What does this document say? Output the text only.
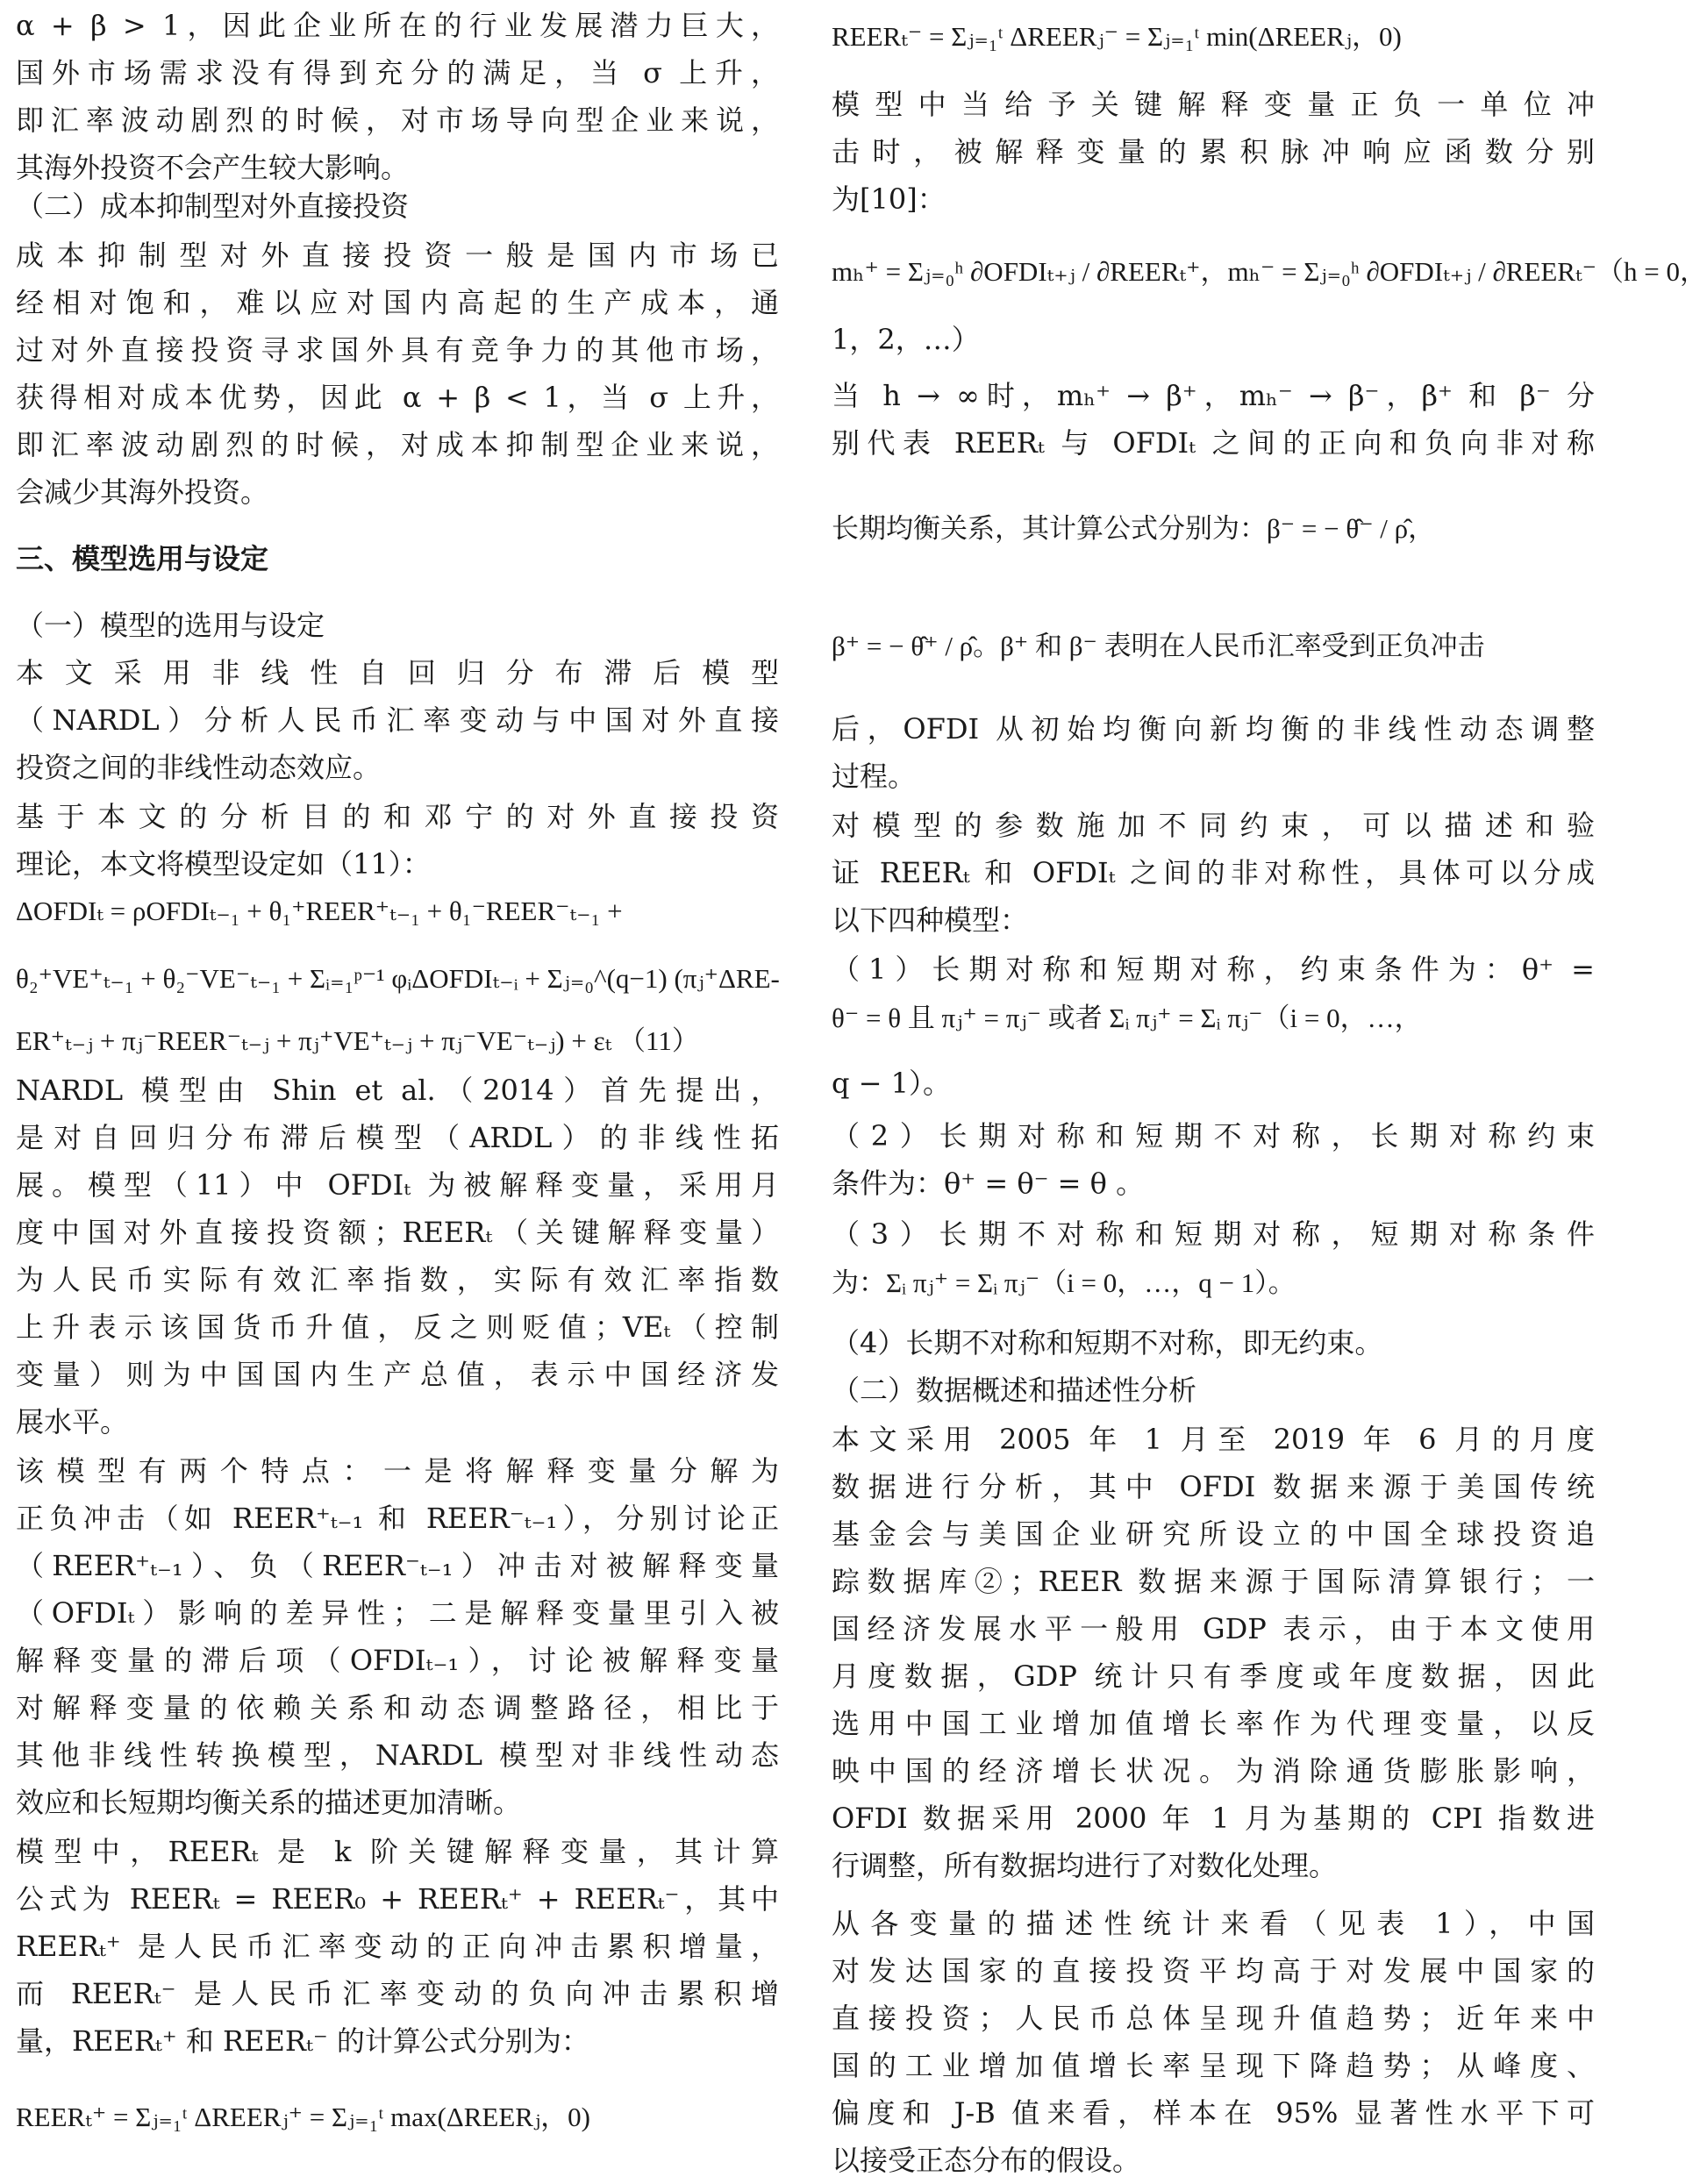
α + β > 1，因此企业所在的行业发展潜力巨大，
国外市场需求没有得到充分的满足，当 σ 上升，
即汇率波动剧烈的时候，对市场导向型企业来说，
其海外投资不会产生较大影响。
（二）成本抑制型对外直接投资
成本抑制型对外直接投资一般是国内市场已
经相对饱和，难以应对国内高起的生产成本，通
过对外直接投资寻求国外具有竞争力的其他市场，
获得相对成本优势，因此 α + β < 1，当 σ 上升，
即汇率波动剧烈的时候，对成本抑制型企业来说，
会减少其海外投资。
三、模型选用与设定
（一）模型的选用与设定
本文采用非线性自回归分布滞后模型
（NARDL）分析人民币汇率变动与中国对外直接
投资之间的非线性动态效应。
基于本文的分析目的和邓宁的对外直接投资
理论，本文将模型设定如（11）：
ΔOFDIₜ = ρOFDIₜ₋₁ + θ₁⁺REER⁺ₜ₋₁ + θ₁⁻REER⁻ₜ₋₁ +
θ₂⁺VE⁺ₜ₋₁ + θ₂⁻VE⁻ₜ₋₁ + Σᵢ₌₁ᵖ⁻¹ φᵢΔOFDIₜ₋ᵢ + Σⱼ₌₀^(q−1) (πⱼ⁺ΔRE-
ER⁺ₜ₋ⱼ + πⱼ⁻REER⁻ₜ₋ⱼ + πⱼ⁺VE⁺ₜ₋ⱼ + πⱼ⁻VE⁻ₜ₋ⱼ) + εₜ （11）
NARDL 模型由 Shin et al.（2014）首先提出，
是对自回归分布滞后模型（ARDL）的非线性拓
展。模型（11）中 OFDIₜ 为被解释变量，采用月
度中国对外直接投资额；REERₜ（关键解释变量）
为人民币实际有效汇率指数，实际有效汇率指数
上升表示该国货币升值，反之则贬值；VEₜ（控制
变量）则为中国国内生产总值，表示中国经济发
展水平。
该模型有两个特点：一是将解释变量分解为
正负冲击（如 REER⁺ₜ₋₁ 和 REER⁻ₜ₋₁），分别讨论正
（REER⁺ₜ₋₁）、负（REER⁻ₜ₋₁）冲击对被解释变量
（OFDIₜ）影响的差异性；二是解释变量里引入被
解释变量的滞后项（OFDIₜ₋₁），讨论被解释变量
对解释变量的依赖关系和动态调整路径，相比于
其他非线性转换模型，NARDL 模型对非线性动态
效应和长短期均衡关系的描述更加清晰。
模型中，REERₜ 是 k 阶关键解释变量，其计算
公式为 REERₜ = REER₀ + REERₜ⁺ + REERₜ⁻，其中
REERₜ⁺ 是人民币汇率变动的正向冲击累积增量，
而 REERₜ⁻ 是人民币汇率变动的负向冲击累积增
量，REERₜ⁺ 和 REERₜ⁻ 的计算公式分别为：
REERₜ⁺ = Σⱼ₌₁ᵗ ΔREERⱼ⁺ = Σⱼ₌₁ᵗ max(ΔREERⱼ，0)
REERₜ⁻ = Σⱼ₌₁ᵗ ΔREERⱼ⁻ = Σⱼ₌₁ᵗ min(ΔREERⱼ，0)
模型中当给予关键解释变量正负一单位冲
击时，被解释变量的累积脉冲响应函数分别
为[10]：
mₕ⁺ = Σⱼ₌₀ʰ ∂OFDIₜ₊ⱼ / ∂REERₜ⁺，mₕ⁻ = Σⱼ₌₀ʰ ∂OFDIₜ₊ⱼ / ∂REERₜ⁻（h = 0，
1，2，…）
当 h → ∞时，mₕ⁺ → β⁺，mₕ⁻ → β⁻，β⁺ 和 β⁻ 分
别代表 REERₜ 与 OFDIₜ 之间的正向和负向非对称
长期均衡关系，其计算公式分别为：β⁻ = − θ̂⁻ / ρ̂，
β⁺ = − θ̂⁺ / ρ̂。β⁺ 和 β⁻ 表明在人民币汇率受到正负冲击
后，OFDI 从初始均衡向新均衡的非线性动态调整
过程。
对模型的参数施加不同约束，可以描述和验
证 REERₜ 和 OFDIₜ 之间的非对称性，具体可以分成
以下四种模型：
（1）长期对称和短期对称，约束条件为：θ⁺ =
θ⁻ = θ 且 πⱼ⁺ = πⱼ⁻ 或者 Σᵢ πⱼ⁺ = Σᵢ πⱼ⁻（i = 0，…，
q − 1）。
（2）长期对称和短期不对称，长期对称约束
条件为：θ⁺ = θ⁻ = θ 。
（3）长期不对称和短期对称，短期对称条件
为：Σᵢ πⱼ⁺ = Σᵢ πⱼ⁻（i = 0，…，q − 1）。
（4）长期不对称和短期不对称，即无约束。
（二）数据概述和描述性分析
本文采用 2005 年 1 月至 2019 年 6 月的月度
数据进行分析，其中 OFDI 数据来源于美国传统
基金会与美国企业研究所设立的中国全球投资追
踪数据库②；REER 数据来源于国际清算银行；一
国经济发展水平一般用 GDP 表示，由于本文使用
月度数据，GDP 统计只有季度或年度数据，因此
选用中国工业增加值增长率作为代理变量，以反
映中国的经济增长状况。为消除通货膨胀影响，
OFDI 数据采用 2000 年 1 月为基期的 CPI 指数进
行调整，所有数据均进行了对数化处理。
从各变量的描述性统计来看（见表 1），中国
对发达国家的直接投资平均高于对发展中国家的
直接投资；人民币总体呈现升值趋势；近年来中
国的工业增加值增长率呈现下降趋势；从峰度、
偏度和 J-B 值来看，样本在 95% 显著性水平下可
以接受正态分布的假设。
